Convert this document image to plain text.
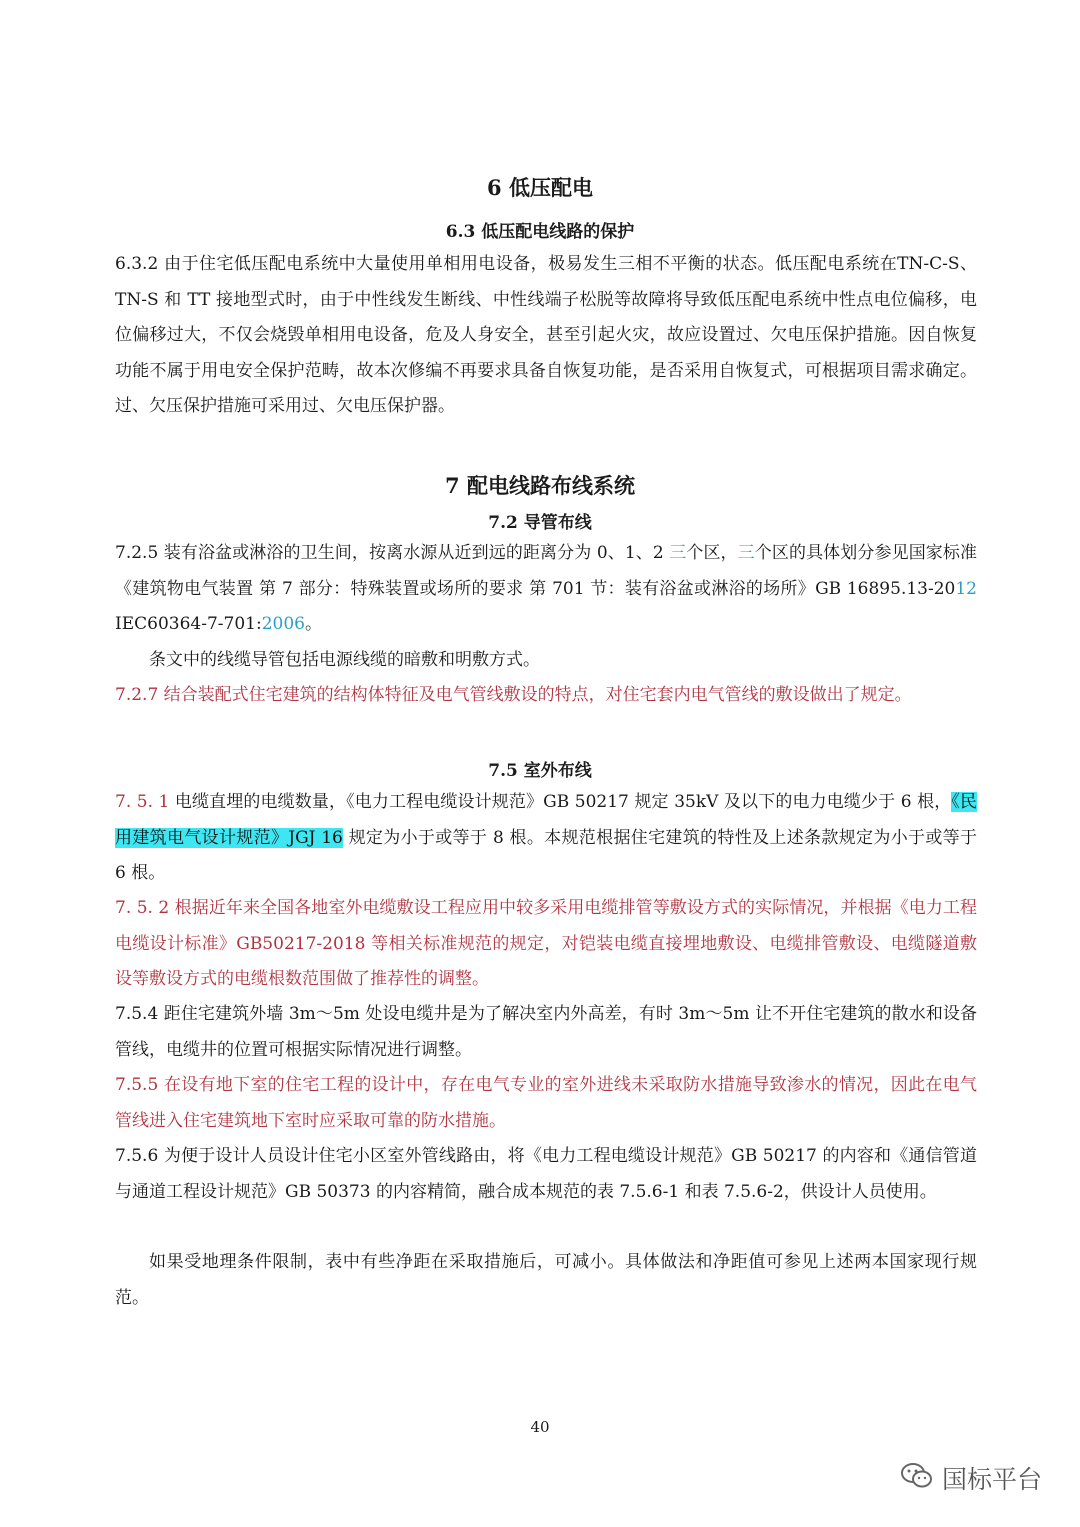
6 低压配电
6.3 低压配电线路的保护

6.3.2 由于住宅低压配电系统中大量使用单相用电设备，极易发生三相不平衡的状态。低压配电系统在TN-C-S、TN-S 和 TT 接地型式时，由于中性线发生断线、中性线端子松脱等故障将导致低压配电系统中性点电位偏移，电位偏移过大，不仅会烧毁单相用电设备，危及人身安全，甚至引起火灾，故应设置过、欠电压保护措施。因自恢复功能不属于用电安全保护范畴，故本次修编不再要求具备自恢复功能，是否采用自恢复式，可根据项目需求确定。过、欠压保护措施可采用过、欠电压保护器。

7 配电线路布线系统
7.2 导管布线

7.2.5 装有浴盆或淋浴的卫生间，按离水源从近到远的距离分为 0、1、2 三个区，三个区的具体划分参见国家标准《建筑物电气装置 第 7 部分：特殊装置或场所的要求 第 701 节：装有浴盆或淋浴的场所》GB 16895.13-2012 IEC60364-7-701:2006。

条文中的线缆导管包括电源线缆的暗敷和明敷方式。

7.2.7 结合装配式住宅建筑的结构体特征及电气管线敷设的特点，对住宅套内电气管线的敷设做出了规定。

7.5 室外布线

7. 5. 1 电缆直埋的电缆数量，《电力工程电缆设计规范》GB 50217 规定 35kV 及以下的电力电缆少于 6 根，《民用建筑电气设计规范》JGJ 16 规定为小于或等于 8 根。本规范根据住宅建筑的特性及上述条款规定为小于或等于 6 根。

7. 5. 2 根据近年来全国各地室外电缆敷设工程应用中较多采用电缆排管等敷设方式的实际情况，并根据《电力工程电缆设计标准》GB50217-2018 等相关标准规范的规定，对铠装电缆直接埋地敷设、电缆排管敷设、电缆隧道敷设等敷设方式的电缆根数范围做了推荐性的调整。

7.5.4 距住宅建筑外墙 3m～5m 处设电缆井是为了解决室内外高差，有时 3m～5m 让不开住宅建筑的散水和设备管线，电缆井的位置可根据实际情况进行调整。

7.5.5 在设有地下室的住宅工程的设计中，存在电气专业的室外进线未采取防水措施导致渗水的情况，因此在电气管线进入住宅建筑地下室时应采取可靠的防水措施。

7.5.6 为便于设计人员设计住宅小区室外管线路由，将《电力工程电缆设计规范》GB 50217 的内容和《通信管道与通道工程设计规范》GB 50373 的内容精简，融合成本规范的表 7.5.6-1 和表 7.5.6-2，供设计人员使用。

如果受地理条件限制，表中有些净距在采取措施后，可减小。具体做法和净距值可参见上述两本国家现行规范。

40
国标平台
